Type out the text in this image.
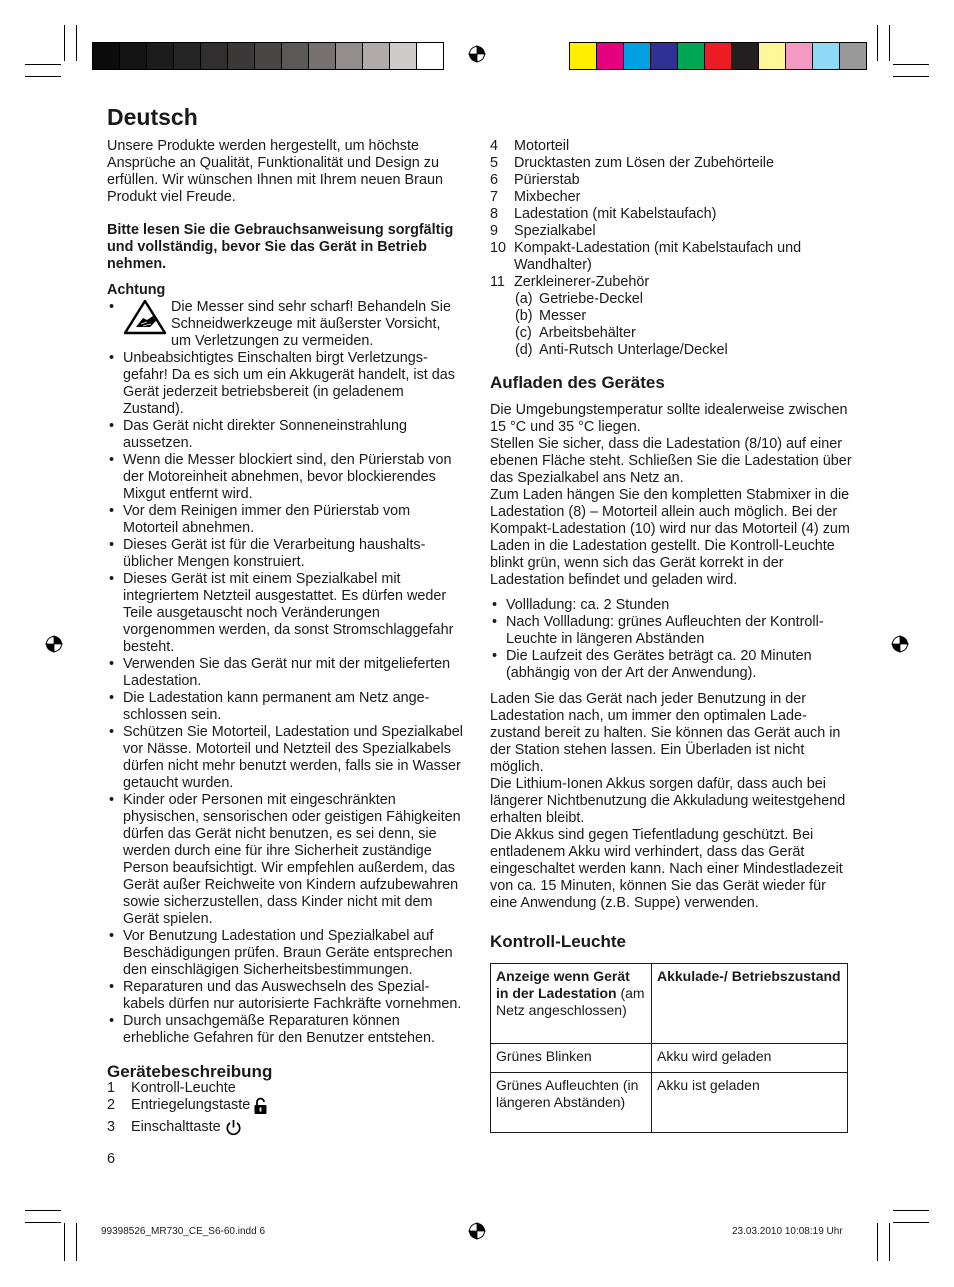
Deutsch

Unsere Produkte werden hergestellt, um höchste Ansprüche an Qualität, Funktionalität und Design zu erfüllen. Wir wünschen Ihnen mit Ihrem neuen Braun Produkt viel Freude.

Bitte lesen Sie die Gebrauchsanweisung sorgfältig und vollständig, bevor Sie das Gerät in Betrieb nehmen.

Achtung

• Die Messer sind sehr scharf! Behandeln Sie Schneidwerkzeuge mit äußerster Vorsicht, um Verletzungen zu vermeiden.
• Unbeabsichtigtes Einschalten birgt Verletzungsgefahr! Da es sich um ein Akkugerät handelt, ist das Gerät jederzeit betriebsbereit (in geladenem Zustand).
• Das Gerät nicht direkter Sonneneinstrahlung aussetzen.
• Wenn die Messer blockiert sind, den Pürierstab von der Motoreinheit abnehmen, bevor blockierendes Mixgut entfernt wird.
• Vor dem Reinigen immer den Pürierstab vom Motorteil abnehmen.
• Dieses Gerät ist für die Verarbeitung haushaltsüblicher Mengen konstruiert.
• Dieses Gerät ist mit einem Spezialkabel mit integriertem Netzteil ausgestattet. Es dürfen weder Teile ausgetauscht noch Veränderungen vorgenommen werden, da sonst Stromschlaggefahr besteht.
• Verwenden Sie das Gerät nur mit der mitgelieferten Ladestation.
• Die Ladestation kann permanent am Netz angeschlossen sein.
• Schützen Sie Motorteil, Ladestation und Spezialkabel vor Nässe. Motorteil und Netzteil des Spezialkabels dürfen nicht mehr benutzt werden, falls sie in Wasser getaucht wurden.
• Kinder oder Personen mit eingeschränkten physischen, sensorischen oder geistigen Fähigkeiten dürfen das Gerät nicht benutzen, es sei denn, sie werden durch eine für ihre Sicherheit zuständige Person beaufsichtigt. Wir empfehlen außerdem, das Gerät außer Reichweite von Kindern aufzubewahren sowie sicherzustellen, dass Kinder nicht mit dem Gerät spielen.
• Vor Benutzung Ladestation und Spezialkabel auf Beschädigungen prüfen. Braun Geräte entsprechen den einschlägigen Sicherheitsbestimmungen.
• Reparaturen und das Auswechseln des Spezialkabels dürfen nur autorisierte Fachkräfte vornehmen.
• Durch unsachgemäße Reparaturen können erhebliche Gefahren für den Benutzer entstehen.
Gerätebeschreibung
1	Kontroll-Leuchte
2	Entriegelungstaste
3	Einschalttaste

6

4	Motorteil
5	Drucktasten zum Lösen der Zubehörteile
6	Pürierstab
7	Mixbecher
8	Ladestation (mit Kabelstaufach)
9	Spezialkabel
10 Kompakt-Ladestation (mit Kabelstaufach und Wandhalter)
11 Zerkleinerer-Zubehör
(a) Getriebe-Deckel
(b) Messer
(c) Arbeitsbehälter
(d) Anti-Rutsch Unterlage/Deckel
Aufladen des Gerätes

Die Umgebungstemperatur sollte idealerweise zwischen 15 °C und 35 °C liegen.
Stellen Sie sicher, dass die Ladestation (8/10) auf einer ebenen Fläche steht. Schließen Sie die Ladestation über das Spezialkabel ans Netz an.
Zum Laden hängen Sie den kompletten Stabmixer in die Ladestation (8) – Motorteil allein auch möglich. Bei der Kompakt-Ladestation (10) wird nur das Motorteil (4) zum Laden in die Ladestation gestellt. Die Kontroll-Leuchte blinkt grün, wenn sich das Gerät korrekt in der Ladestation befindet und geladen wird.

• Vollladung: ca. 2 Stunden
• Nach Vollladung: grünes Aufleuchten der KontrollLeuchte in längeren Abständen
• Die Laufzeit des Gerätes beträgt ca. 20 Minuten (abhängig von der Art der Anwendung).

Laden Sie das Gerät nach jeder Benutzung in der Ladestation nach, um immer den optimalen Ladezustand bereit zu halten. Sie können das Gerät auch in der Station stehen lassen. Ein Überladen ist nicht möglich.
Die Lithium-Ionen Akkus sorgen dafür, dass auch bei längerer Nichtbenutzung die Akkuladung weitestgehend erhalten bleibt.
Die Akkus sind gegen Tiefentladung geschützt. Bei entladenem Akku wird verhindert, dass das Gerät eingeschaltet werden kann. Nach einer Mindestladezeit von ca. 15 Minuten, können Sie das Gerät wieder für eine Anwendung (z.B. Suppe) verwenden.

Kontroll-Leuchte
Anzeige wenn Gerät in der Ladestation (am Netz angeschlossen)	Akkulade-/ Betriebszustand
Grünes Blinken	Akku wird geladen
Grünes Aufleuchten (in längeren Abständen)	Akku ist geladen
99398526_MR730_CE_S6-60.indd 6	23.03.2010 10:08:19 Uhr
